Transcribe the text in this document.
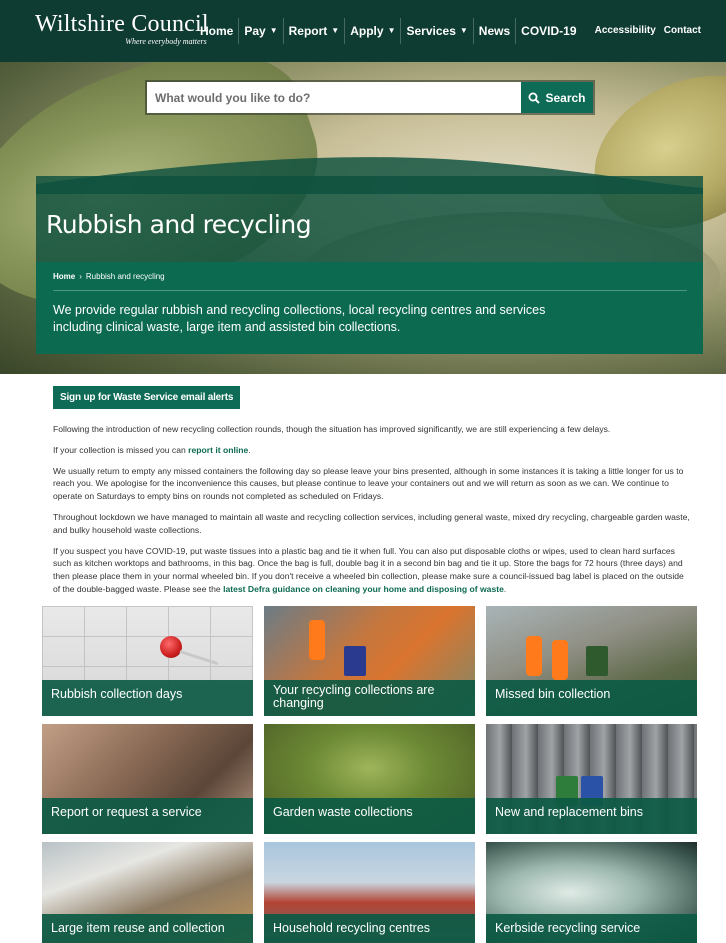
Wiltshire Council
Where everybody matters
Home Pay ▼ Report ▼ Apply ▼ Services ▼ News COVID-19 Accessibility Contact
What would you like to do?
Search
Rubbish and recycling
Home › Rubbish and recycling

We provide regular rubbish and recycling collections, local recycling centres and services including clinical waste, large item and assisted bin collections.

Sign up for Waste Service email alerts

Following the introduction of new recycling collection rounds, though the situation has improved significantly, we are still experiencing a few delays.

If your collection is missed you can report it online.

We usually return to empty any missed containers the following day so please leave your bins presented, although in some instances it is taking a little longer for us to reach you. We apologise for the inconvenience this causes, but please continue to leave your containers out and we will return as soon as we can. We continue to operate on Saturdays to empty bins on rounds not completed as scheduled on Fridays.

Throughout lockdown we have managed to maintain all waste and recycling collection services, including general waste, mixed dry recycling, chargeable garden waste, and bulky household waste collections.

If you suspect you have COVID-19, put waste tissues into a plastic bag and tie it when full. You can also put disposable cloths or wipes, used to clean hard surfaces such as kitchen worktops and bathrooms, in this bag. Once the bag is full, double bag it in a second bin bag and tie it up. Store the bags for 72 hours (three days) and then please place them in your normal wheeled bin. If you don't receive a wheeled bin collection, please make sure a council-issued bag label is placed on the outside of the double-bagged waste. Please see the latest Defra guidance on cleaning your home and disposing of waste.

Rubbish collection days	Your recycling collections are changing
Missed bin collection
Report or request a service	Garden waste collections	New and replacement bins
Large item reuse and collection	Household recycling centres	Kerbside recycling service
